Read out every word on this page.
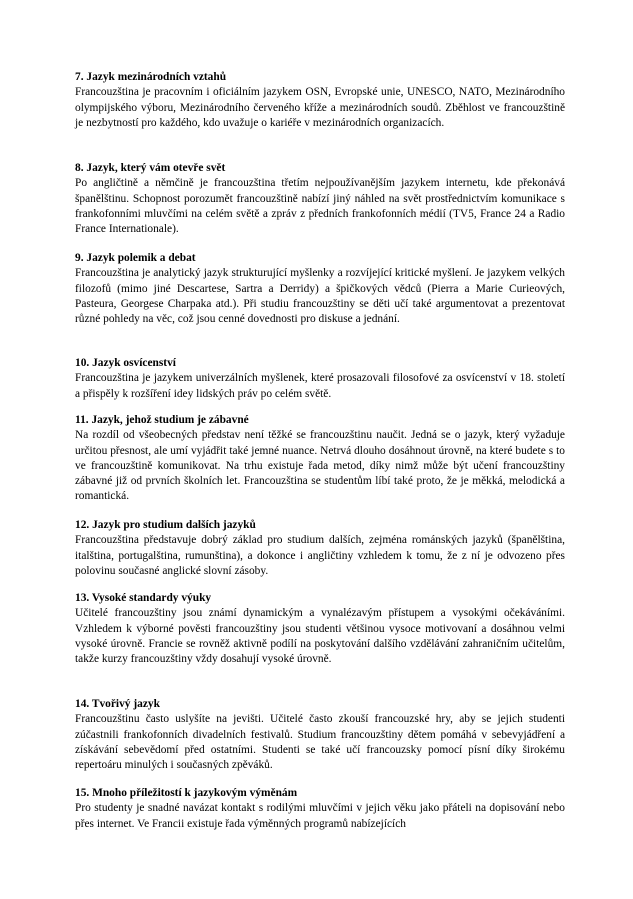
7. Jazyk mezinárodních vztahů

Francouzština je pracovním i oficiálním jazykem OSN, Evropské unie, UNESCO, NATO, Mezinárodního olympijského výboru, Mezinárodního červeného kříže a mezinárodních soudů. Zběhlost ve francouzštině je nezbytností pro každého, kdo uvažuje o kariéře v mezinárodních organizacích.

8. Jazyk, který vám otevře svět

Po angličtině a němčině je francouzština třetím nejpoužívanějším jazykem internetu, kde překonává španělštinu. Schopnost porozumět francouzštině nabízí jiný náhled na svět prostřednictvím komunikace s frankofonními mluvčími na celém světě a zpráv z předních frankofonních médií (TV5, France 24 a Radio France Internationale).

9. Jazyk polemik a debat

Francouzština je analytický jazyk strukturující myšlenky a rozvíjející kritické myšlení. Je jazykem velkých filozofů (mimo jiné Descartese, Sartra a Derridy) a špičkových vědců (Pierra a Marie Curieových, Pasteura, Georgese Charpaka atd.). Při studiu francouzštiny se děti učí také argumentovat a prezentovat různé pohledy na věc, což jsou cenné dovednosti pro diskuse a jednání.

10. Jazyk osvícenství

Francouzština je jazykem univerzálních myšlenek, které prosazovali filosofové za osvícenství v 18. století a přispěly k rozšíření idey lidských práv po celém světě.

11. Jazyk, jehož studium je zábavné

Na rozdíl od všeobecných představ není těžké se francouzštinu naučit. Jedná se o jazyk, který vyžaduje určitou přesnost, ale umí vyjádřit také jemné nuance. Netrvá dlouho dosáhnout úrovně, na které budete s to ve francouzštině komunikovat. Na trhu existuje řada metod, díky nimž může být učení francouzštiny zábavné již od prvních školních let. Francouzština se studentům líbí také proto, že je měkká, melodická a romantická.

12. Jazyk pro studium dalších jazyků

Francouzština představuje dobrý základ pro studium dalších, zejména románských jazyků (španělština, italština, portugalština, rumunština), a dokonce i angličtiny vzhledem k tomu, že z ní je odvozeno přes polovinu současné anglické slovní zásoby.

13. Vysoké standardy výuky

Učitelé francouzštiny jsou známí dynamickým a vynalézavým přístupem a vysokými očekáváními. Vzhledem k výborné pověsti francouzštiny jsou studenti většinou vysoce motivovaní a dosáhnou velmi vysoké úrovně. Francie se rovněž aktivně podílí na poskytování dalšího vzdělávání zahraničním učitelům, takže kurzy francouzštiny vždy dosahují vysoké úrovně.

14. Tvořivý jazyk

Francouzštinu často uslyšíte na jevišti. Učitelé často zkouší francouzské hry, aby se jejich studenti zúčastnili frankofonních divadelních festivalů. Studium francouzštiny dětem pomáhá v sebevyjádření a získávání sebevědomí před ostatními. Studenti se také učí francouzsky pomocí písní díky širokému repertoáru minulých i současných zpěváků.

15. Mnoho příležitostí k jazykovým výměnám

Pro studenty je snadné navázat kontakt s rodilými mluvčími v jejich věku jako přáteli na dopisování nebo přes internet. Ve Francii existuje řada výměnných programů nabízejících
